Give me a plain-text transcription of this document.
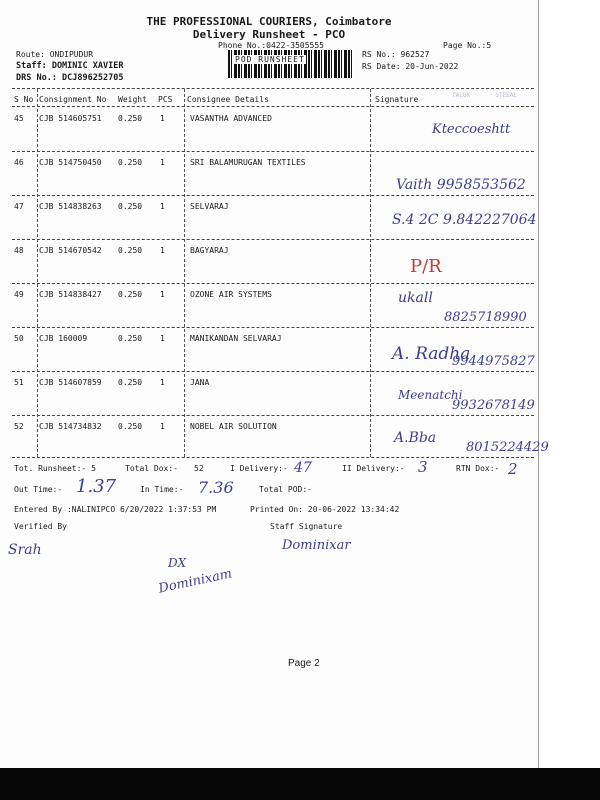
THE PROFESSIONAL COURIERS, Coimbatore
Delivery Runsheet - PCO
Phone No.:0422-3505555	Page No.:5
POD RUNSHEET
Route: ONDIPUDUR
Staff: DOMINIC XAVIER
DRS No.: DCJ896252705
RS No.: 962527
RS Date: 20-Jun-2022
S No Consignment No Weight PCS Consignee Details	Signature	TALUK       STEEAL
45 CJB 514605751 0.250 1	VASANTHA ADVANCED
Kteccoeshtt
46 CJB 514750450 0.250 1	SRI BALAMURUGAN TEXTILES
Vaith 9958553562
47 CJB 514838263 0.250 1	SELVARAJ
S.4 2C 9.842227064
48 CJB 514670542 0.250 1	BAGYARAJ
P/R
49 CJB 514838427 0.250 1	OZONE AIR SYSTEMS	ukall
8825718990
50 CJB 160009	0.250 1	MANIKANDAN SELVARAJ
A. Radha
9944975827
51 CJB 514607859 0.250 1	JANA
Meenatchi
9932678149
52 CJB 514734832 0.250 1	NOBEL AIR SOLUTION
A.Bba
8015224429
Tot. Runsheet:- 5	Total Dox:- 52	I Delivery:- 47	II Delivery:- 3	RTN Dox:- 2
Out Time:- 1.37	In Time:- 7.36	Total POD:-
Entered By :NALINIPCO 6/20/2022 1:37:53 PM	Printed On: 20-06-2022 13:34:42
Verified By	Staff Signature
Srah	Dominixar
DX
Dominixam
Page 2
